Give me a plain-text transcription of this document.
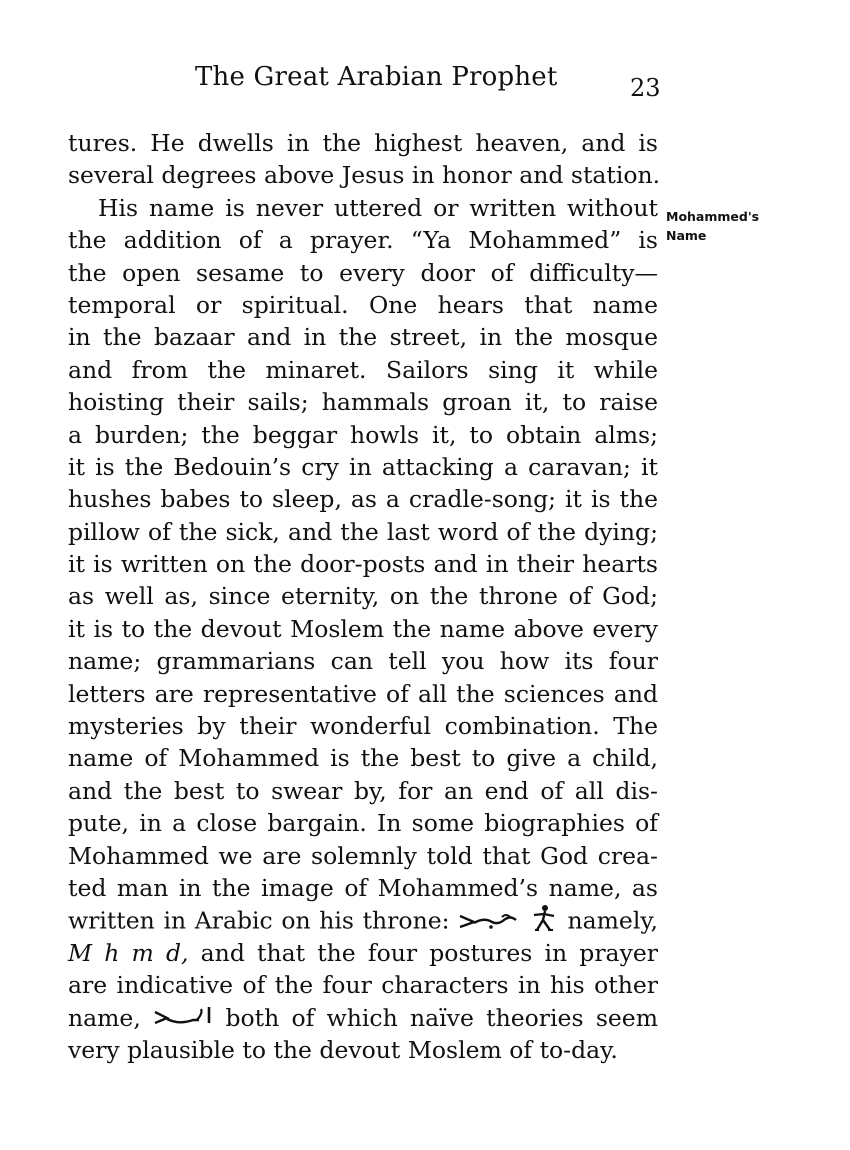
The Great Arabian Prophet	23
Mohammed's
Name
tures. He dwells in the highest heaven, and is
several degrees above Jesus in honor and station.
His name is never uttered or written without
the addition of a prayer. “Ya Mohammed” is
the open sesame to every door of difficulty—
temporal or spiritual. One hears that name
in the bazaar and in the street, in the mosque
and from the minaret. Sailors sing it while
hoisting their sails; hammals groan it, to raise
a burden; the beggar howls it, to obtain alms;
it is the Bedouin’s cry in attacking a caravan; it
hushes babes to sleep, as a cradle-song; it is the
pillow of the sick, and the last word of the dying;
it is written on the door-posts and in their hearts
as well as, since eternity, on the throne of God;
it is to the devout Moslem the name above every
name; grammarians can tell you how its four
letters are representative of all the sciences and
mysteries by their wonderful combination. The
name of Mohammed is the best to give a child,
and the best to swear by, for an end of all dis-
pute, in a close bargain. In some biographies of
Mohammed we are solemnly told that God crea-
ted man in the image of Mohammed’s name, as
written in Arabic on his throne:	namely,
M h m d, and that the four postures in prayer
are indicative of the four characters in his other
name,	both of which naïve theories seem
very plausible to the devout Moslem of to-day.
